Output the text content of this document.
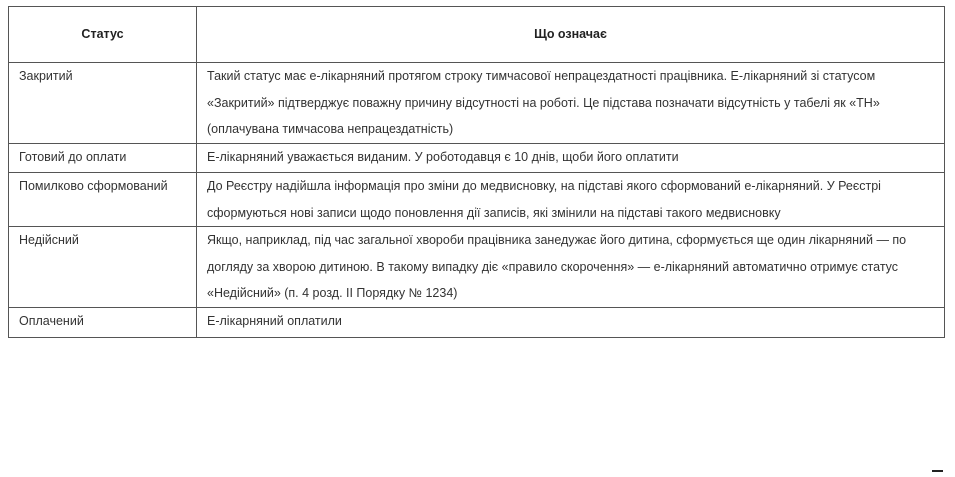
Статус	Що означає
Закритий	Такий статус має е-лікарняний протягом строку тимчасової непрацездатності працівника. Е-лікарняний зі статусом «Закритий» підтверджує поважну причину відсутності на роботі. Це підстава позначати відсутність у табелі як «ТН» (оплачувана тимчасова непрацездатність)
Готовий до оплати	Е-лікарняний уважається виданим. У роботодавця є 10 днів, щоби його оплатити
Помилково сформований	До Реєстру надійшла інформація про зміни до медвисновку, на підставі якого сформований е-лікарняний. У Реєстрі сформуються нові записи щодо поновлення дії записів, які змінили на підставі такого медвисновку
Недійсний	Якщо, наприклад, під час загальної хвороби працівника занедужає його дитина, сформується ще один лікарняний — по догляду за хворою дитиною. В такому випадку діє «правило скорочення» — е-лікарняний автоматично отримує статус «Недійсний» (п. 4 розд. ІІ Порядку № 1234)
Оплачений	Е-лікарняний оплатили
